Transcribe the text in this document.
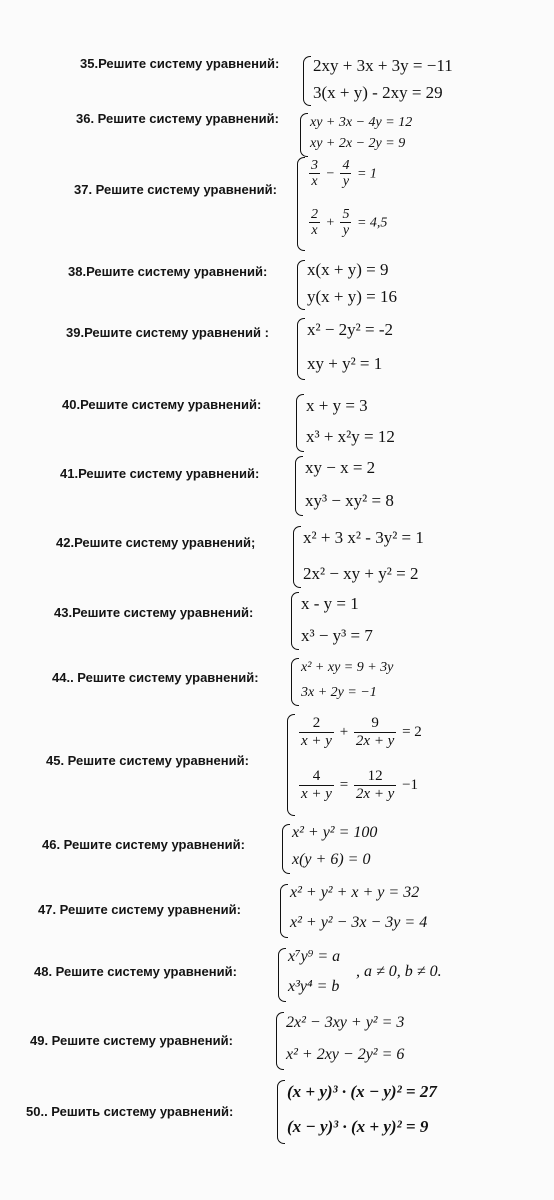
35.Решите систему уравнений: 2xy + 3x + 3y = −11
3(x + y) - 2xy = 29
36. Решите систему уравнений: xy + 3x − 4y = 12
xy + 2x − 2y = 9
37. Решите систему уравнений: $\frac{3}{x} - \frac{4}{y} = 1$
$\frac{2}{x} + \frac{5}{y} = 4,5$
38.Решите систему уравнений: x(x + y) = 9
y(x + y) = 16
39.Решите систему уравнений : x² − 2y² = -2
xy + y² = 1
40.Решите систему уравнений:	x + y = 3
x³ + x²y = 12
41.Решите систему уравнений:	xy − x = 2
xy³ − xy² = 8
42.Решите систему уравнений;	x² + 3 x² - 3y² = 1
2x² − xy + y² = 2
43.Решите систему уравнений:	x - y = 1
x³ − y³ = 7
44.. Решите систему уравнений:
x² + xy = 9 + 3y
3x + 2y = −1
45. Решите систему уравнений:
$\frac{2}{x + y} + \frac{9}{2x + y} = 2$
$\frac{4}{x + y} = \frac{12}{2x + y} -1$
46. Решите систему уравнений:
x² + y² = 100
x(y + 6) = 0
47. Решите систему уравнений:
x² + y² + x + y = 32
x² + y² − 3x − 3y = 4
48. Решите систему уравнений:
x⁷y⁹ = a
x³y⁴ = b
, a ≠ 0, b ≠ 0.
49. Решите систему уравнений:
2x² − 3xy + y² = 3
x² + 2xy − 2y² = 6
50.. Решить систему уравнений:
(x + y)³ · (x − y)² = 27
(x − y)³ · (x + y)² = 9
